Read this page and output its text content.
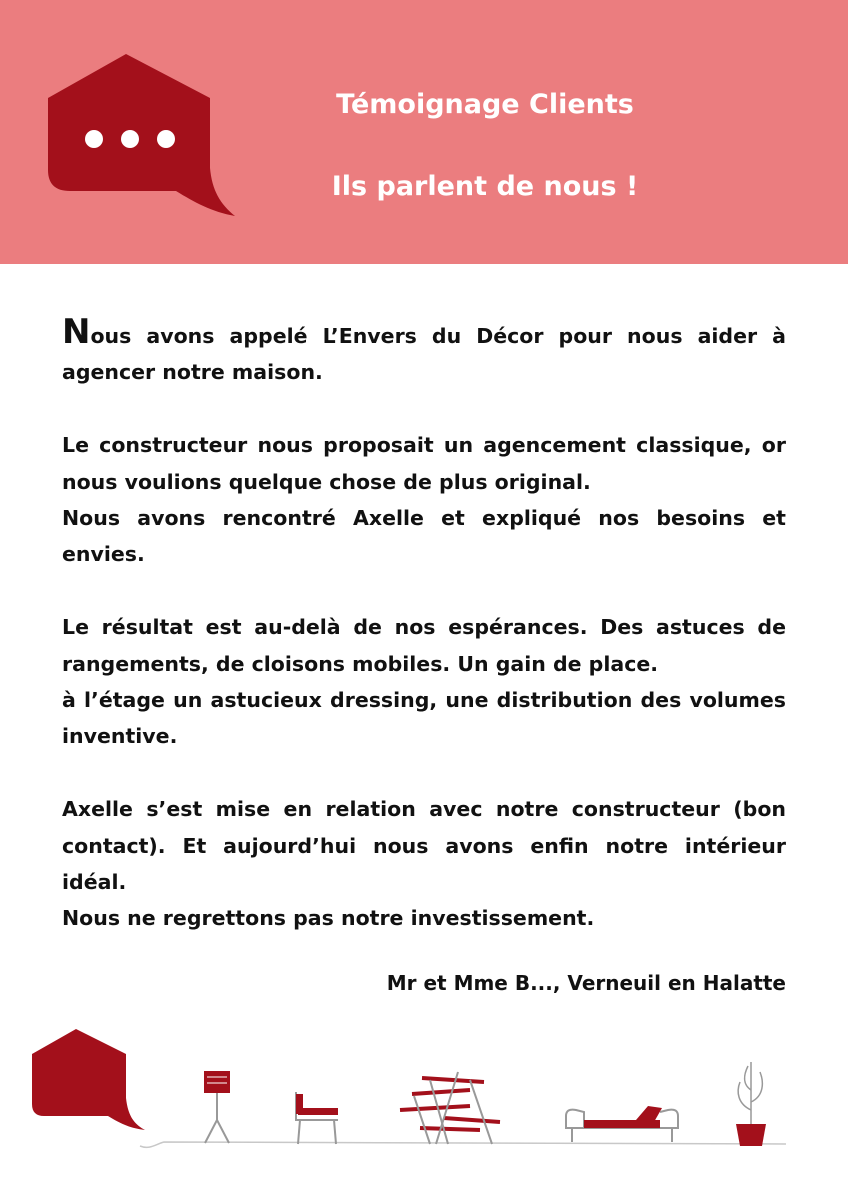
Témoignage Clients
Ils parlent de nous !

Nous avons appelé L’Envers du Décor pour nous aider à agencer notre maison.

Le constructeur nous proposait un agencement classique, or nous voulions quelque chose de plus original.
Nous avons rencontré Axelle et expliqué nos besoins et envies.

Le résultat est au-delà de nos espérances. Des astuces de rangements, de cloisons mobiles. Un gain de place.
à l’étage un astucieux dressing, une distribution des volumes inventive.

Axelle s’est mise en relation avec notre constructeur (bon contact). Et aujourd’hui nous avons enfin notre intérieur idéal.
Nous ne regrettons pas notre investissement.

Mr et Mme B..., Verneuil en Halatte
